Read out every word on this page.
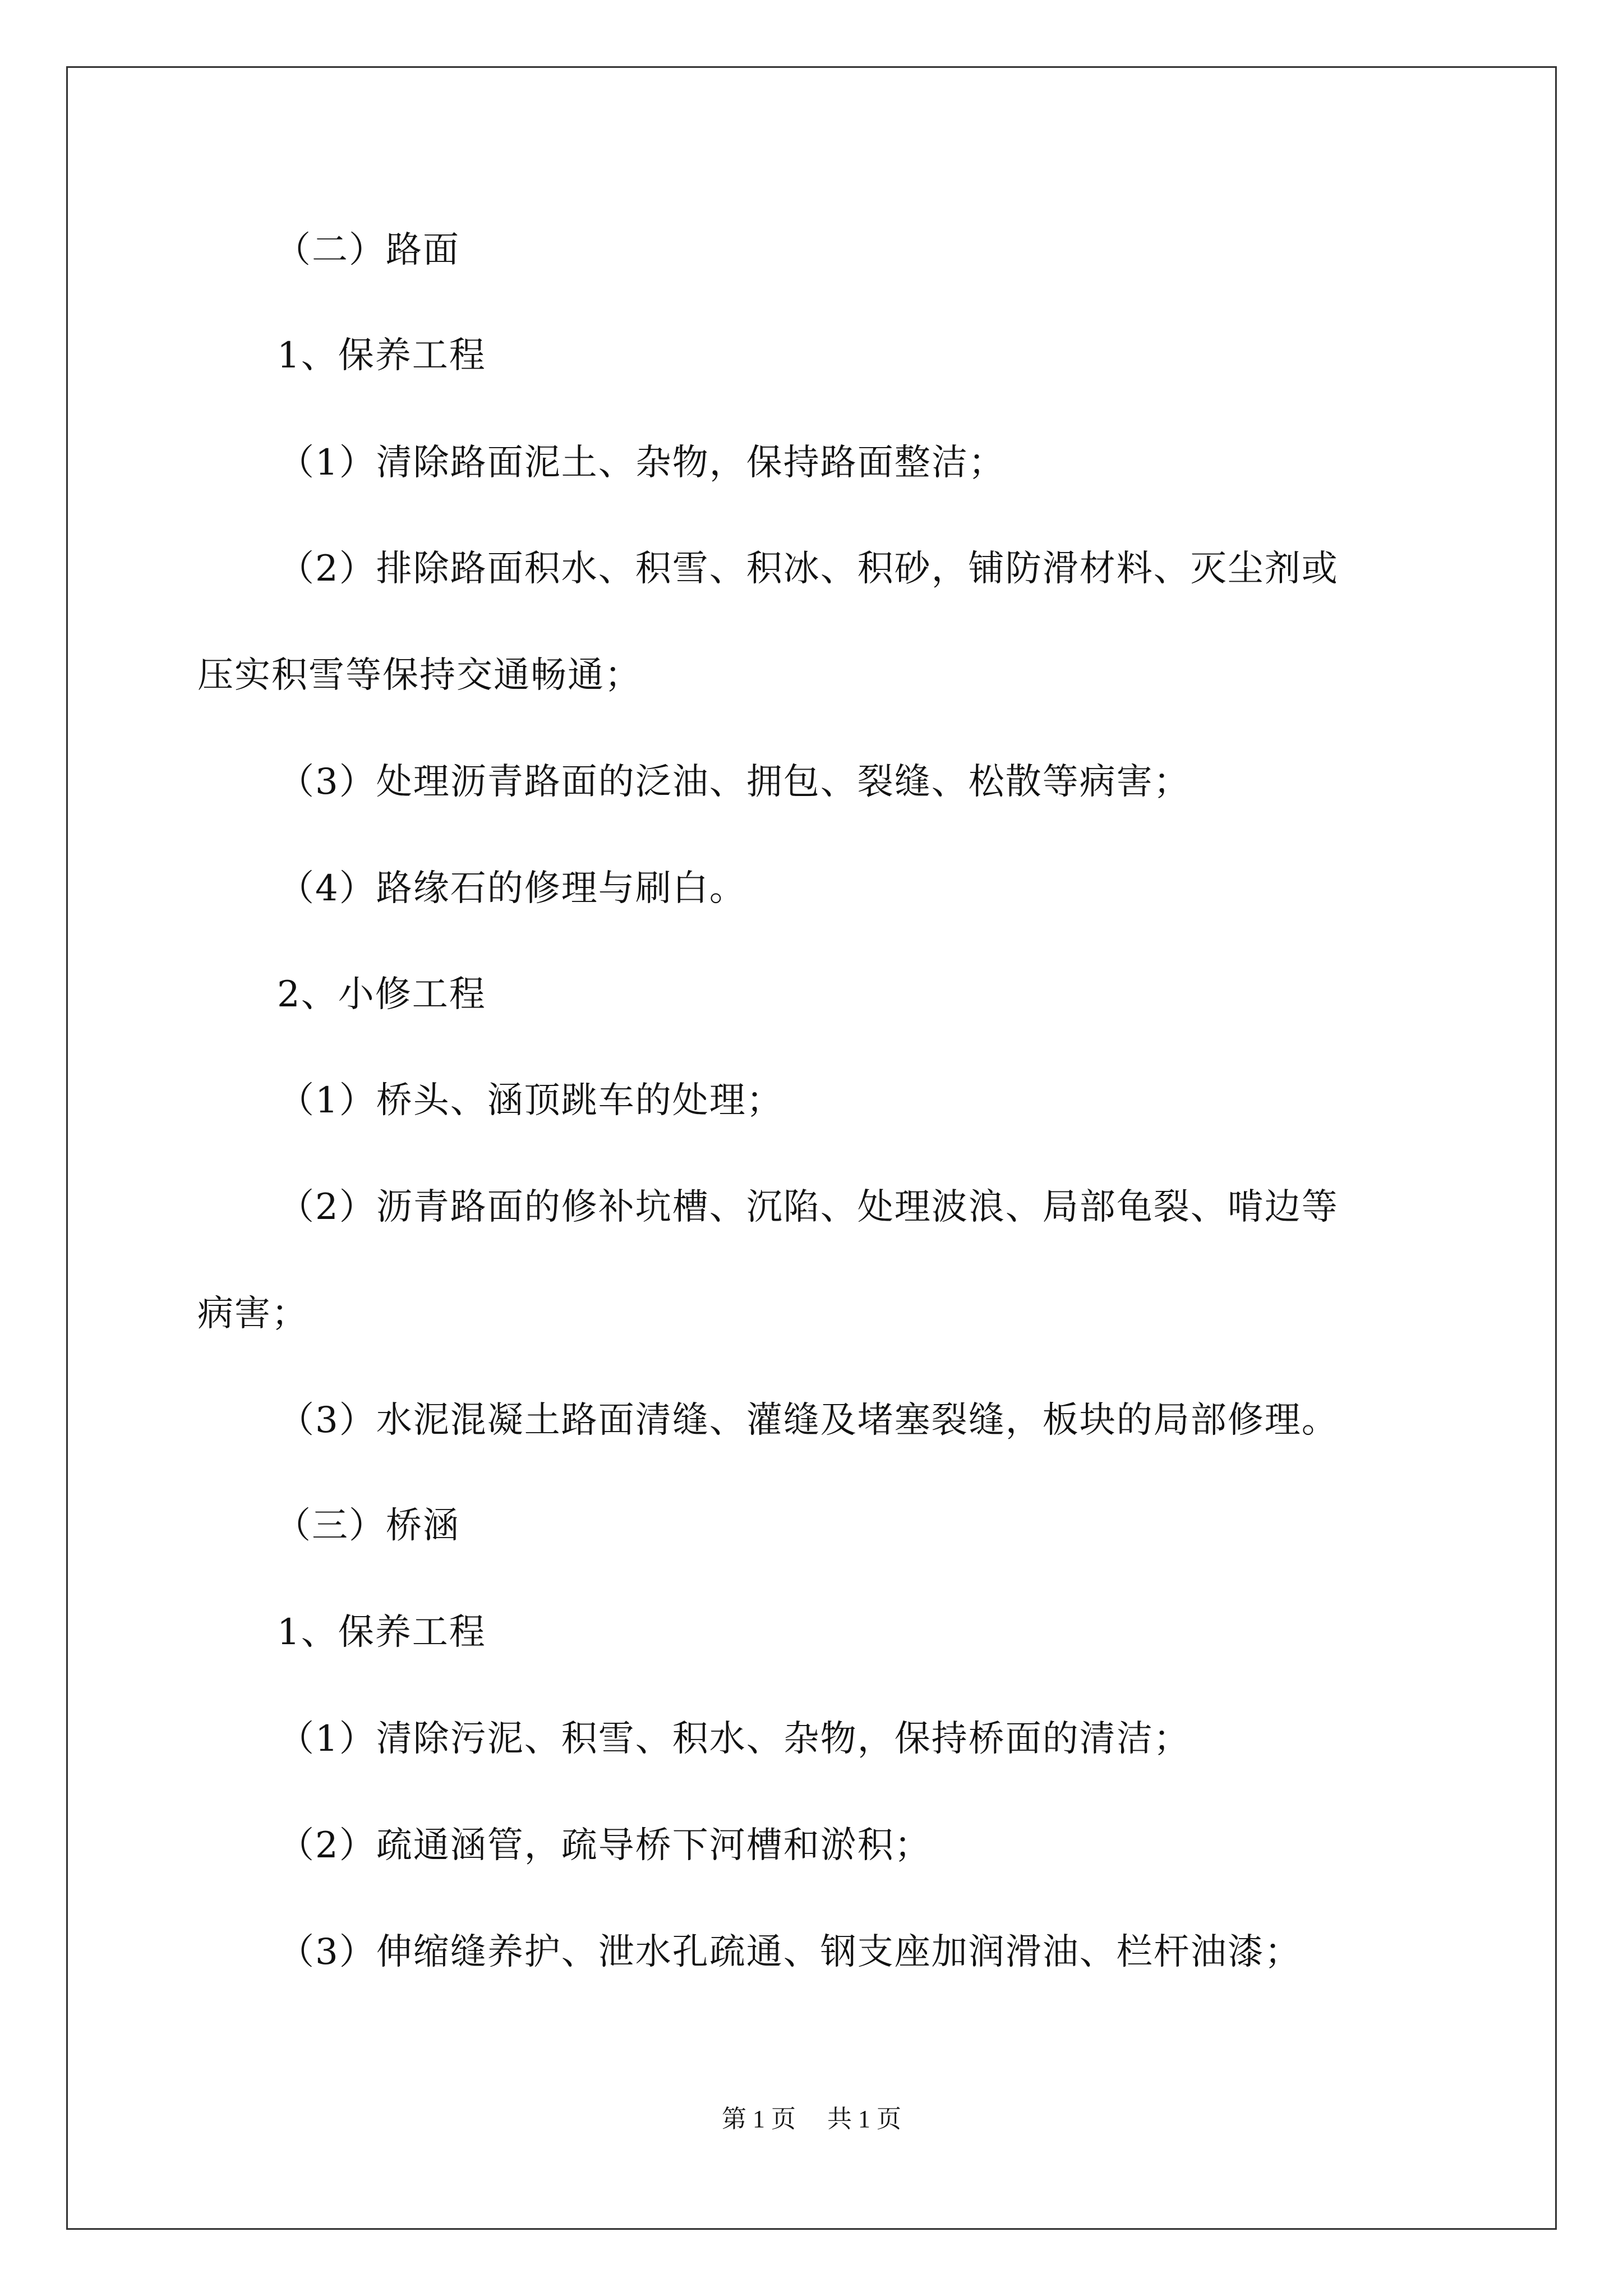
（二）路面
1、保养工程
（1）清除路面泥土、杂物，保持路面整洁；
（2）排除路面积水、积雪、积冰、积砂，铺防滑材料、灭尘剂或
压实积雪等保持交通畅通；
（3）处理沥青路面的泛油、拥包、裂缝、松散等病害；
（4）路缘石的修理与刷白。
2、小修工程
（1）桥头、涵顶跳车的处理；
（2）沥青路面的修补坑槽、沉陷、处理波浪、局部龟裂、啃边等
病害；
（3）水泥混凝土路面清缝、灌缝及堵塞裂缝，板块的局部修理。
（三）桥涵
1、保养工程
（1）清除污泥、积雪、积水、杂物，保持桥面的清洁；
（2）疏通涵管，疏导桥下河槽和淤积；
（3）伸缩缝养护、泄水孔疏通、钢支座加润滑油、栏杆油漆；
第 1 页 共 1 页
